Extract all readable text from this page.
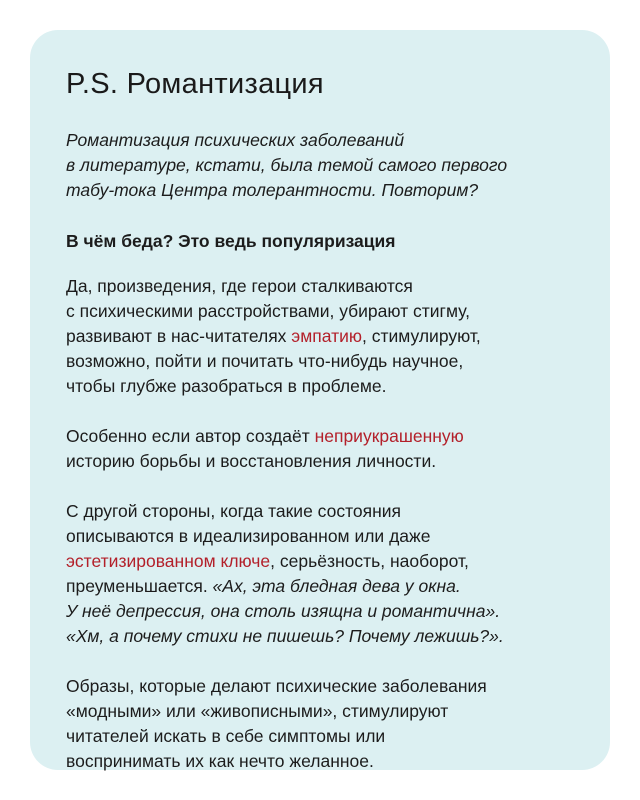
P.S. Романтизация

Романтизация психических заболеваний
в литературе, кстати, была темой самого первого
табу-тока Центра толерантности. Повторим?

В чём беда? Это ведь популяризация

Да, произведения, где герои сталкиваются
с психическими расстройствами, убирают стигму,
развивают в нас-читателях эмпатию, стимулируют,
возможно, пойти и почитать что-нибудь научное,
чтобы глубже разобраться в проблеме.

Особенно если автор создаёт неприукрашенную
историю борьбы и восстановления личности.

С другой стороны, когда такие состояния
описываются в идеализированном или даже
эстетизированном ключе, серьёзность, наоборот,
преуменьшается. «Ах, эта бледная дева у окна.
У неё депрессия, она столь изящна и романтична».
«Хм, а почему стихи не пишешь? Почему лежишь?».

Образы, которые делают психические заболевания
«модными» или «живописными», стимулируют
читателей искать в себе симптомы или
воспринимать их как нечто желанное.
